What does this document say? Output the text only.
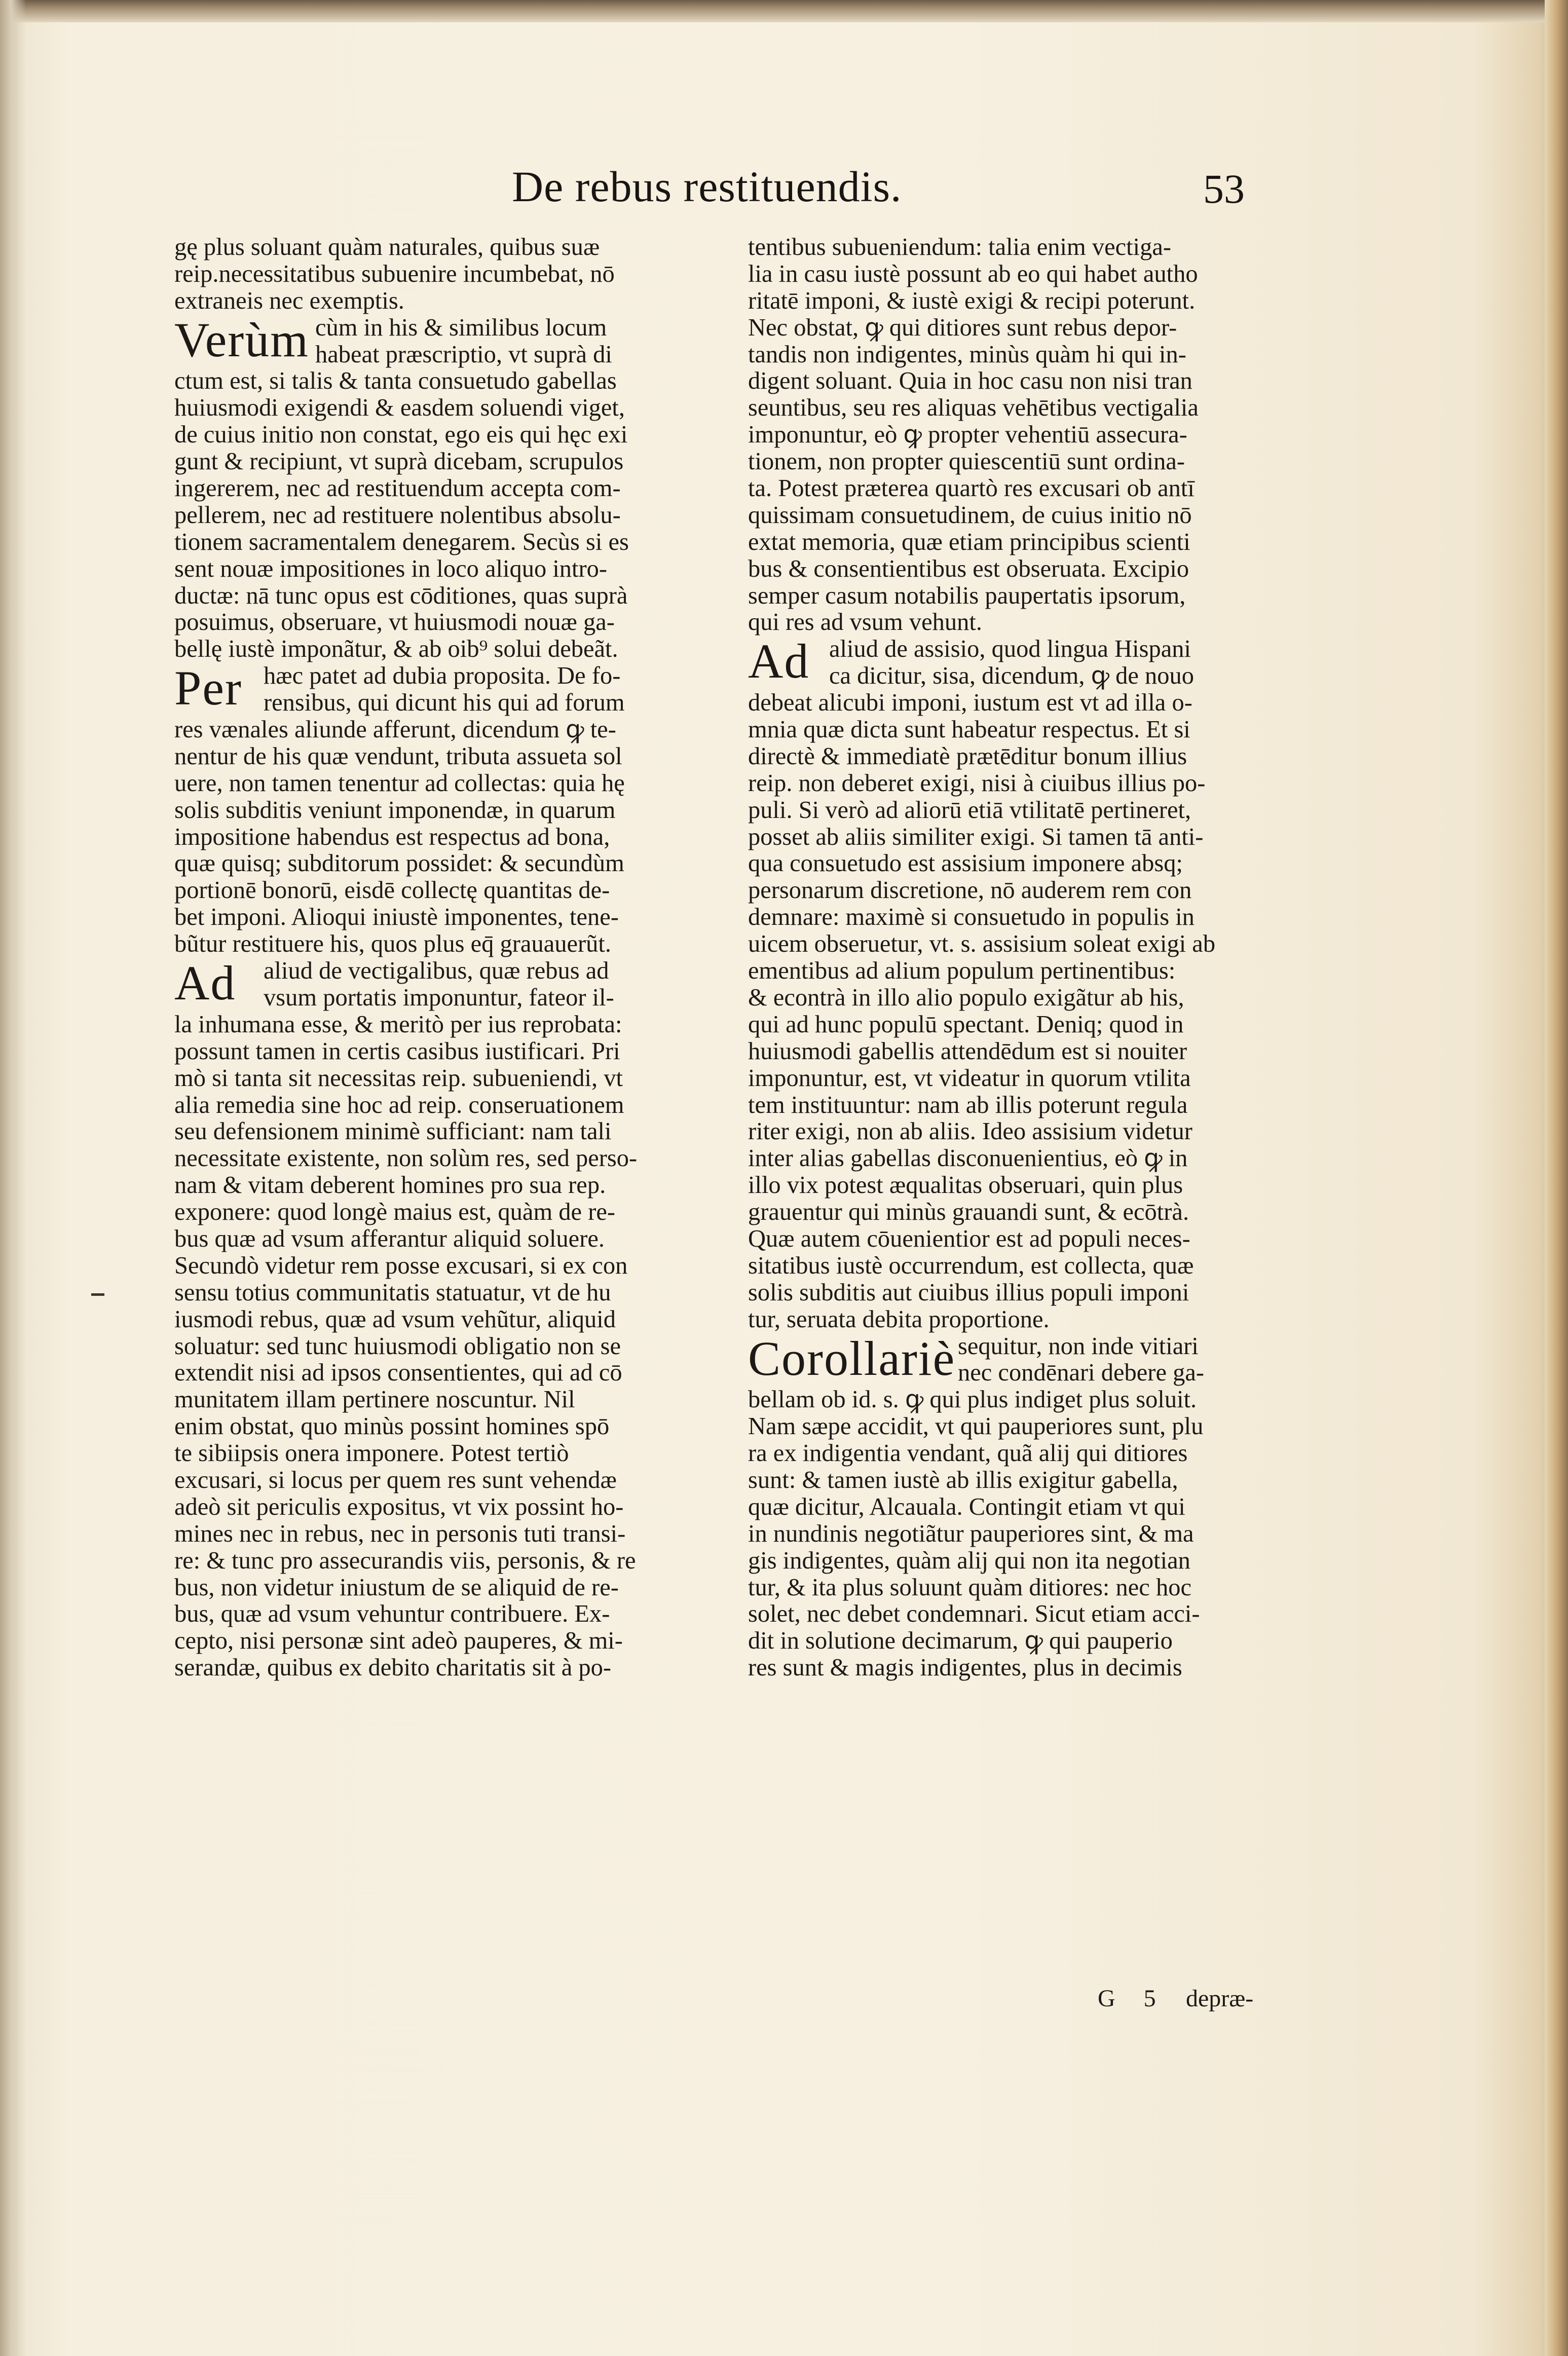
De rebus restituendis.	53
gę plus soluant quàm naturales, quibus suæ
reip.necessitatibus subuenire incumbebat, nō
extraneis nec exemptis.
Verùm cùm in his & similibus locum
habeat præscriptio, vt suprà di
ctum est, si talis & tanta consuetudo gabellas
huiusmodi exigendi & easdem soluendi viget,
de cuius initio non constat, ego eis qui hęc exi
gunt & recipiunt, vt suprà dicebam, scrupulos
ingererem, nec ad restituendum accepta com-
pellerem, nec ad restituere nolentibus absolu-
tionem sacramentalem denegarem. Secùs si es
sent nouæ impositiones in loco aliquo intro-
ductæ: nā tunc opus est cōditiones, quas suprà
posuimus, obseruare, vt huiusmodi nouæ ga-
bellę iustè imponãtur, & ab oib⁹ solui debeãt.
Per hæc patet ad dubia proposita. De fo-
rensibus, qui dicunt his qui ad forum
res vænales aliunde afferunt, dicendum ꝙ te-
nentur de his quæ vendunt, tributa assueta sol
uere, non tamen tenentur ad collectas: quia hę
solis subditis veniunt imponendæ, in quarum
impositione habendus est respectus ad bona,
quæ quisq; subditorum possidet: & secundùm
portionē bonorū, eisdē collectę quantitas de-
bet imponi. Alioqui iniustè imponentes, tene-
bũtur restituere his, quos plus eq̄ grauauerũt.
Ad	aliud de vectigalibus, quæ rebus ad
vsum portatis imponuntur, fateor il-
la inhumana esse, & meritò per ius reprobata:
possunt tamen in certis casibus iustificari. Pri
mò si tanta sit necessitas reip. subueniendi, vt
alia remedia sine hoc ad reip. conseruationem
seu defensionem minimè sufficiant: nam tali
necessitate existente, non solùm res, sed perso-
nam & vitam deberent homines pro sua rep.
exponere: quod longè maius est, quàm de re-
bus quæ ad vsum afferantur aliquid soluere.
Secundò videtur rem posse excusari, si ex con
sensu totius communitatis statuatur, vt de hu
iusmodi rebus, quæ ad vsum vehũtur, aliquid
soluatur: sed tunc huiusmodi obligatio non se
extendit nisi ad ipsos consentientes, qui ad cō
munitatem illam pertinere noscuntur. Nil
enim obstat, quo minùs possint homines spō
te sibiipsis onera imponere. Potest tertiò
excusari, si locus per quem res sunt vehendæ
adeò sit periculis expositus, vt vix possint ho-
mines nec in rebus, nec in personis tuti transi-
re: & tunc pro assecurandis viis, personis, & re
bus, non videtur iniustum de se aliquid de re-
bus, quæ ad vsum vehuntur contribuere. Ex-
cepto, nisi personæ sint adeò pauperes, & mi-
serandæ, quibus ex debito charitatis sit à po-
tentibus subueniendum: talia enim vectiga-
lia in casu iustè possunt ab eo qui habet autho
ritatē imponi, & iustè exigi & recipi poterunt.
Nec obstat, ꝙ qui ditiores sunt rebus depor-
tandis non indigentes, minùs quàm hi qui in-
digent soluant. Quia in hoc casu non nisi tran
seuntibus, seu res aliquas vehētibus vectigalia
imponuntur, eò ꝙ propter vehentiū assecura-
tionem, non propter quiescentiū sunt ordina-
ta. Potest præterea quartò res excusari ob antī
quissimam consuetudinem, de cuius initio nō
extat memoria, quæ etiam principibus scienti
bus & consentientibus est obseruata. Excipio
semper casum notabilis paupertatis ipsorum,
qui res ad vsum vehunt.
Ad aliud de assisio, quod lingua Hispani
ca dicitur, sisa, dicendum, ꝙ de nouo
debeat alicubi imponi, iustum est vt ad illa o-
mnia quæ dicta sunt habeatur respectus. Et si
directè & immediatè prætēditur bonum illius
reip. non deberet exigi, nisi à ciuibus illius po-
puli. Si verò ad aliorū etiā vtilitatē pertineret,
posset ab aliis similiter exigi. Si tamen tā anti-
qua consuetudo est assisium imponere absq;
personarum discretione, nō auderem rem con
demnare: maximè si consuetudo in populis in
uicem obseruetur, vt. s. assisium soleat exigi ab
ementibus ad alium populum pertinentibus:
& econtrà in illo alio populo exigãtur ab his,
qui ad hunc populū spectant. Deniq; quod in
huiusmodi gabellis attendēdum est si nouiter
imponuntur, est, vt videatur in quorum vtilita
tem instituuntur: nam ab illis poterunt regula
riter exigi, non ab aliis. Ideo assisium videtur
inter alias gabellas disconuenientius, eò ꝙ in
illo vix potest æqualitas obseruari, quin plus
grauentur qui minùs grauandi sunt, & ecōtrà.
Quæ autem cōuenientior est ad populi neces-
sitatibus iustè occurrendum, est collecta, quæ
solis subditis aut ciuibus illius populi imponi
tur, seruata debita proportione.
Corollariè sequitur, non inde vitiari
nec condēnari debere ga-
bellam ob id. s. ꝙ qui plus indiget plus soluit.
Nam sæpe accidit, vt qui pauperiores sunt, plu
ra ex indigentia vendant, quã alij qui ditiores
sunt: & tamen iustè ab illis exigitur gabella,
quæ dicitur, Alcauala. Contingit etiam vt qui
in nundinis negotiãtur pauperiores sint, & ma
gis indigentes, quàm alij qui non ita negotian
tur, & ita plus soluunt quàm ditiores: nec hoc
solet, nec debet condemnari. Sicut etiam acci-
dit in solutione decimarum, ꝙ qui pauperio
res sunt & magis indigentes, plus in decimis
G 5 depræ-
